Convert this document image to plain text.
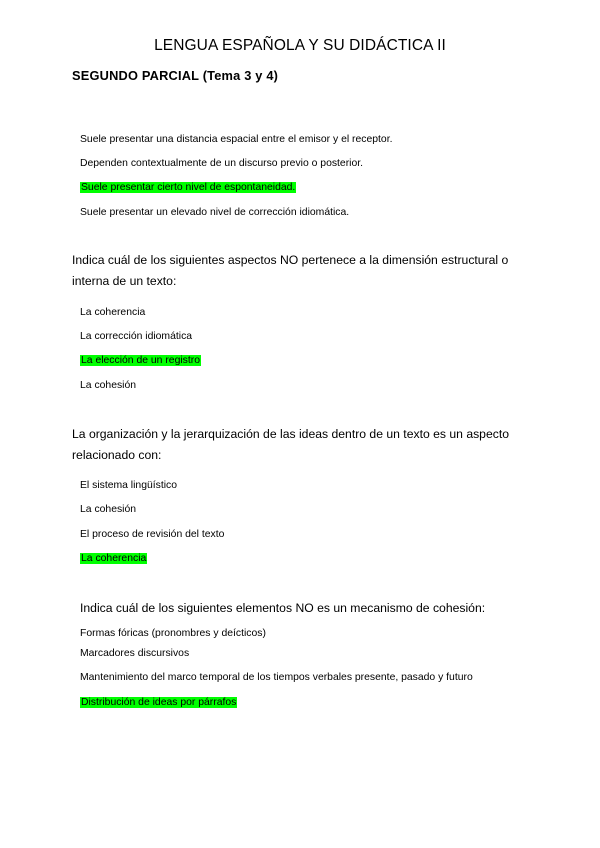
LENGUA ESPAÑOLA Y SU DIDÁCTICA II
SEGUNDO PARCIAL (Tema 3 y 4)
Suele presentar una distancia espacial entre el emisor y el receptor.
Dependen contextualmente de un discurso previo o posterior.
Suele presentar cierto nivel de espontaneidad.
Suele presentar un elevado nivel de corrección idiomática.
Indica cuál de los siguientes aspectos NO pertenece a la dimensión estructural o interna de un texto:
La coherencia
La corrección idiomática
La elección de un registro
La cohesión
La organización y la jerarquización de las ideas dentro de un texto es un aspecto relacionado con:
El sistema lingüístico
La cohesión
El proceso de revisión del texto
La coherencia
Indica cuál de los siguientes elementos NO es un mecanismo de cohesión:
Formas fóricas (pronombres y deícticos)
Marcadores discursivos
Mantenimiento del marco temporal de los tiempos verbales presente, pasado y futuro
Distribución de ideas por párrafos
